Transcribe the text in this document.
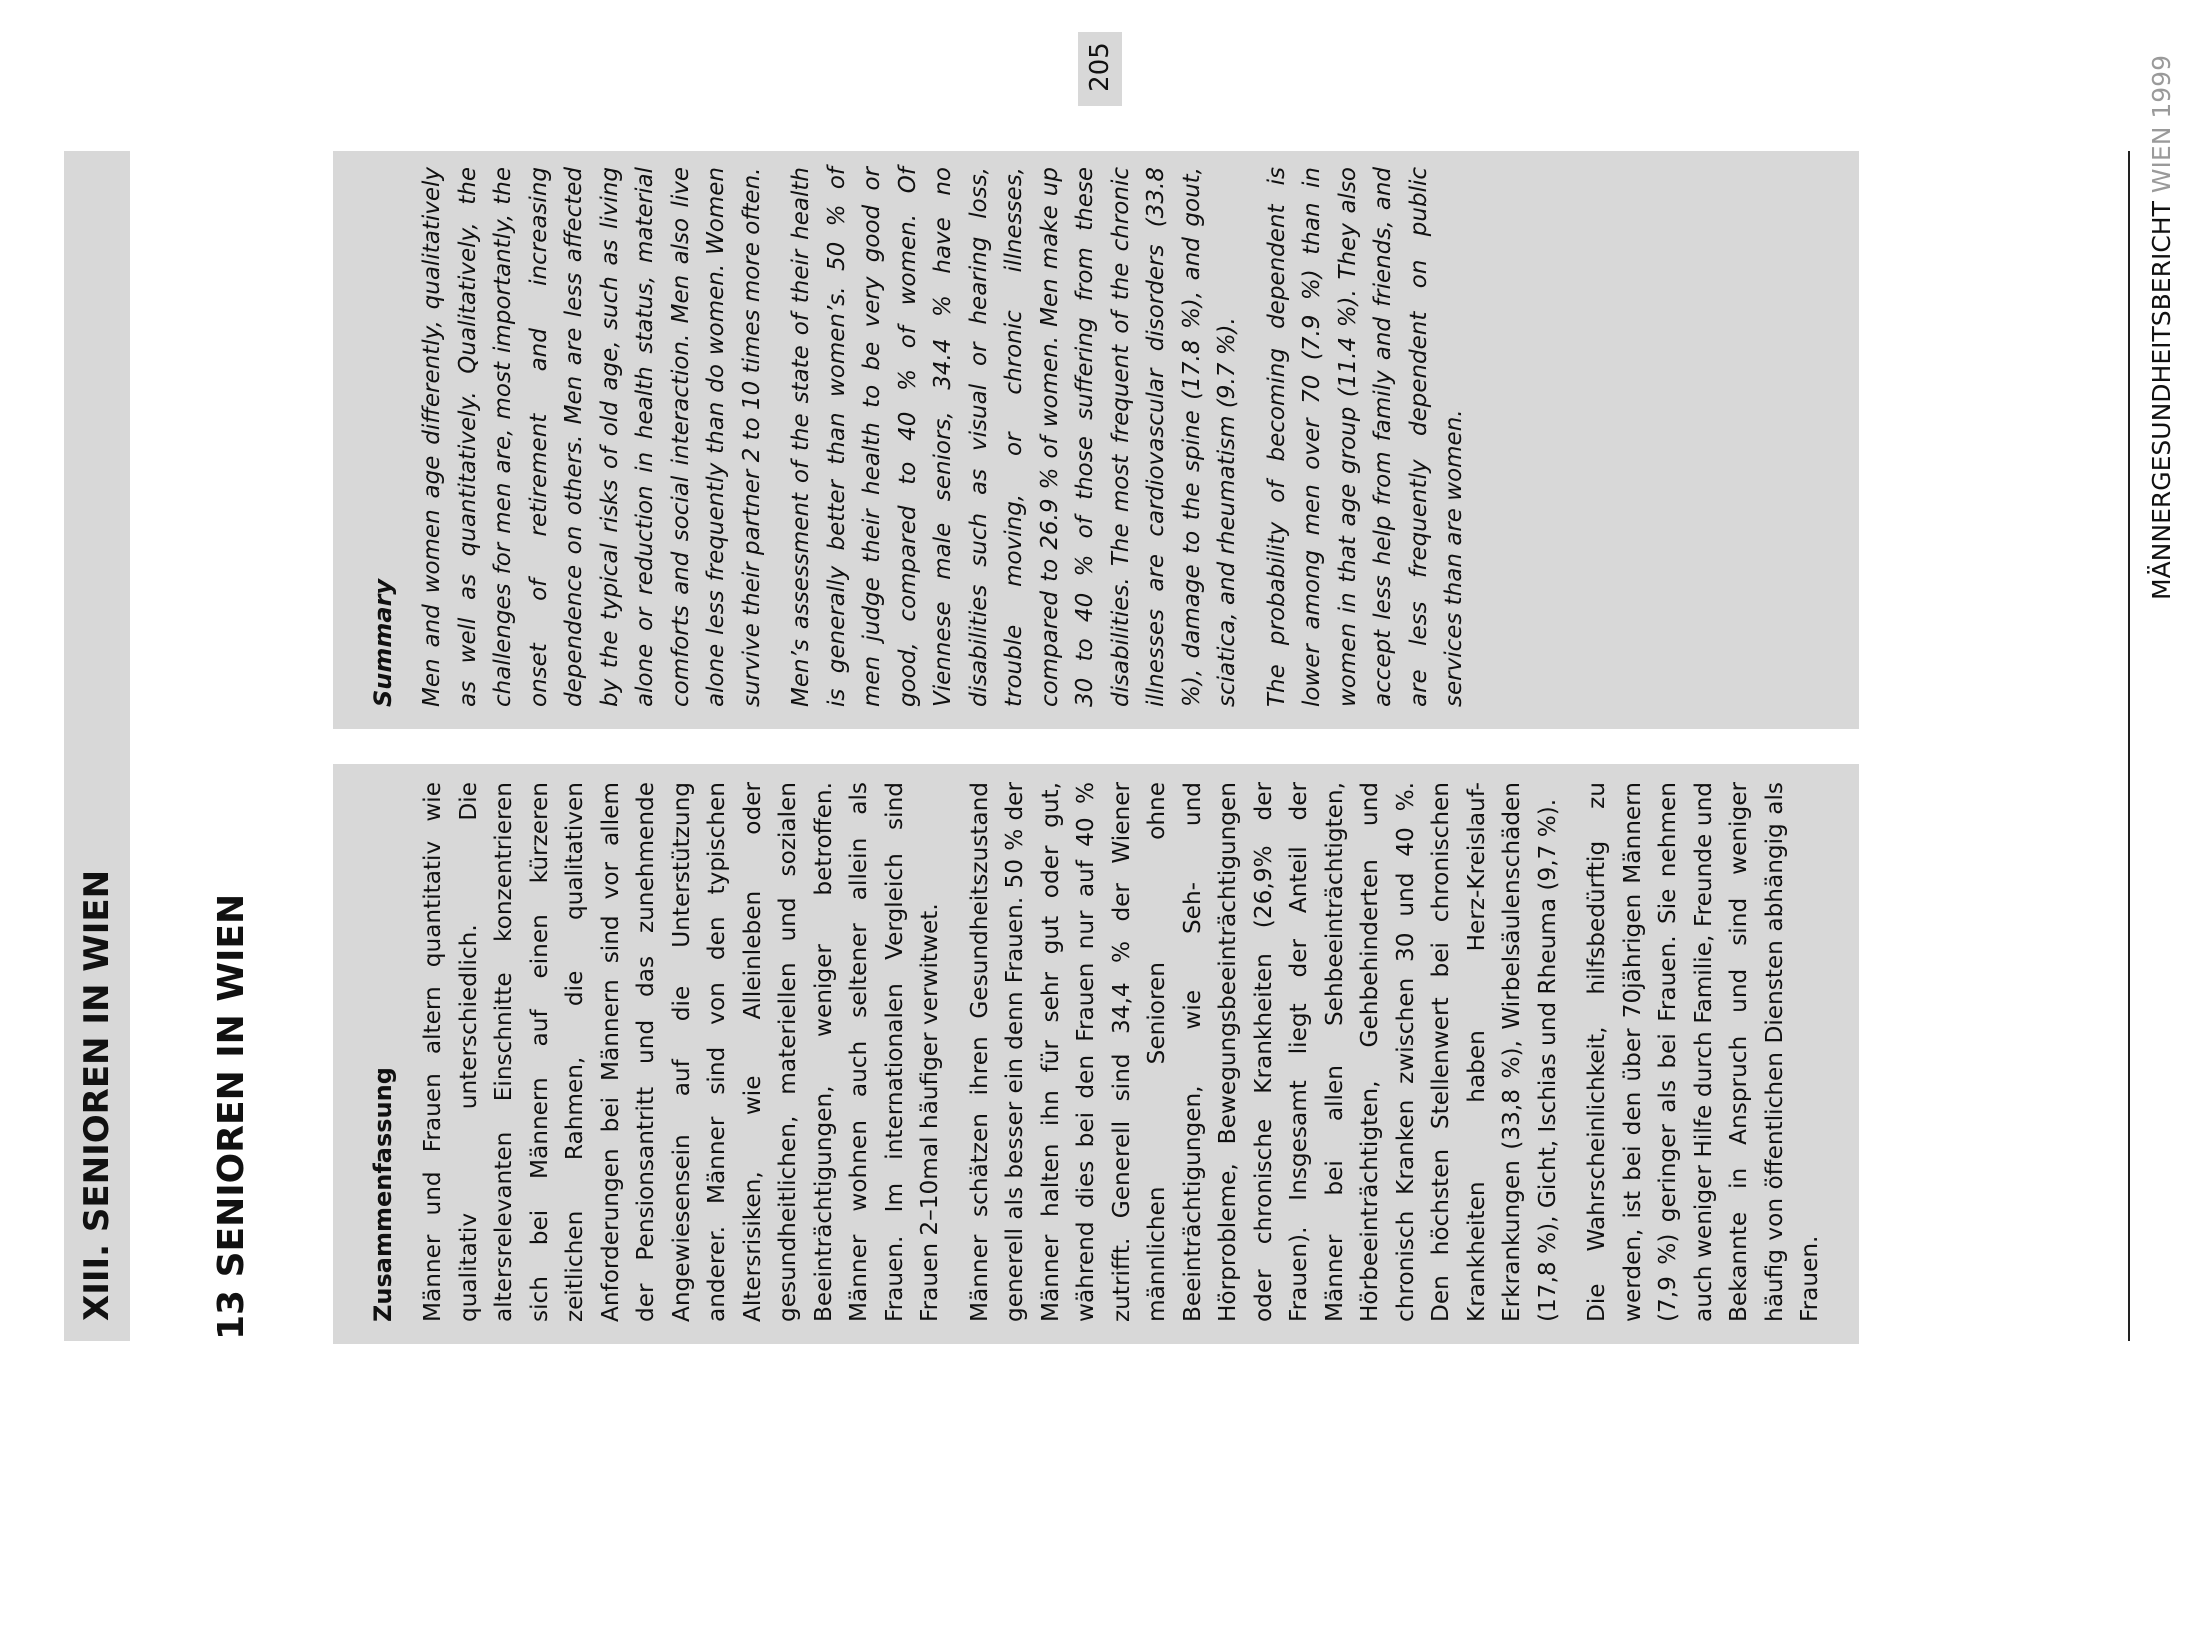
205
XIII. SENIOREN IN WIEN	13 SENIOREN IN WIEN
MÄNNERGESUNDHEITSBERICHT WIEN 1999
Zusammenfassung Männer und Frauen altern quantitativ wie qualitativ unterschiedlich. Die altersrelevanten Einschnitte konzentrieren sich bei Männern auf einen kürzeren zeitlichen Rahmen, die qualitativen Anforderungen bei Männern sind vor allem der Pensionsantritt und das zunehmende Angewiesensein auf die Unterstützung anderer. Männer sind von den typischen Altersrisiken, wie Alleinleben oder gesundheitlichen, materiellen und sozialen Beeinträchtigungen, weniger betroffen. Männer wohnen auch seltener allein als Frauen. Im internationalen Vergleich sind Frauen 2–10mal häufiger verwitwet. Männer schätzen ihren Gesundheitszustand generell als besser ein denn Frauen. 50 % der Männer halten ihn für sehr gut oder gut, während dies bei den Frauen nur auf 40 % zutrifft. Generell sind 34,4 % der Wiener männlichen Senioren ohne Beeinträchtigungen, wie Seh- und Hörprobleme, Bewegungsbeeinträchtigungen oder chronische Krankheiten (26,9% der Frauen). Insgesamt liegt der Anteil der Männer bei allen Sehbeeinträchtigten, Hörbeeinträchtigten, Gehbehinderten und chronisch Kranken zwischen 30 und 40 %. Den höchsten Stellenwert bei chronischen Krankheiten haben Herz-Kreislauf-Erkrankungen (33,8 %), Wirbelsäulenschäden (17,8 %), Gicht, Ischias und Rheuma (9,7 %). Die Wahrscheinlichkeit, hilfsbedürftig zu werden, ist bei den über 70jährigen Männern (7,9 %) geringer als bei Frauen. Sie nehmen auch weniger Hilfe durch Familie, Freunde und Bekannte in Anspruch und sind weniger häufig von öffentlichen Diensten abhängig als Frauen.

Summary Men and women age differently, qualitatively as well as quantitatively. Qualitatively, the challenges for men are, most importantly, the onset of retirement and increasing dependence on others. Men are less affected by the typical risks of old age, such as living alone or reduction in health status, material comforts and social interaction. Men also live alone less frequently than do women. Women survive their partner 2 to 10 times more often. Men’s assessment of the state of their health is generally better than women’s. 50 % of men judge their health to be very good or good, compared to 40 % of women. Of Viennese male seniors, 34.4 % have no disabilities such as visual or hearing loss, trouble moving, or chronic illnesses, compared to 26.9 % of women. Men make up 30 to 40 % of those suffering from these disabilities. The most frequent of the chronic illnesses are cardiovascular disorders (33.8 %), damage to the spine (17.8 %), and gout, sciatica, and rheumatism (9.7 %). The probability of becoming dependent is lower among men over 70 (7.9 %) than in women in that age group (11.4 %). They also accept less help from family and friends, and are less frequently dependent on public services than are women.
